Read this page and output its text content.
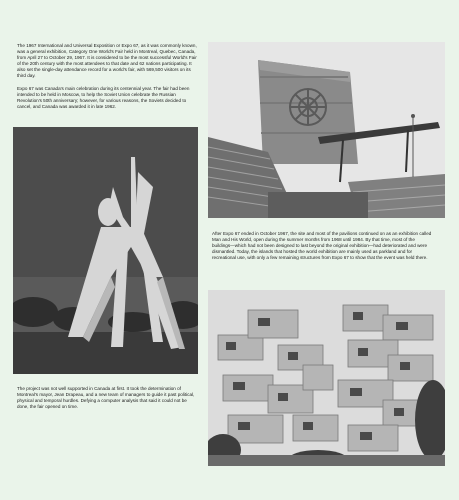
The 1967 International and Universal Exposition or Expo 67, as it was commonly known, was a general exhibition, Category One World's Fair held in Montreal, Quebec, Canada, from April 27 to October 29, 1967. It is considered to be the most successful World's Fair of the 20th century with the most attendees to that date and 62 nations participating. It also set the single-day attendance record for a world's fair, with 569,500 visitors on its third day.

Expo 67 was Canada's main celebration during its centennial year. The fair had been intended to be held in Moscow, to help the Soviet Union celebrate the Russian Revolution's 50th anniversary; however, for various reasons, the Soviets decided to cancel, and Canada was awarded it in late 1962.

After Expo 67 ended in October 1967, the site and most of the pavilions continued on as an exhibition called Man and His World, open during the summer months from 1968 until 1984. By that time, most of the buildings—which had not been designed to last beyond the original exhibition—had deteriorated and were dismantled. Today, the islands that hosted the world exhibition are mainly used as parkland and for recreational use, with only a few remaining structures from Expo 67 to show that the event was held there.

The project was not well supported in Canada at first. It took the determination of Montreal's mayor, Jean Drapeau, and a new team of managers to guide it past political, physical and temporal hurdles. Defying a computer analysis that said it could not be done, the fair opened on time.
